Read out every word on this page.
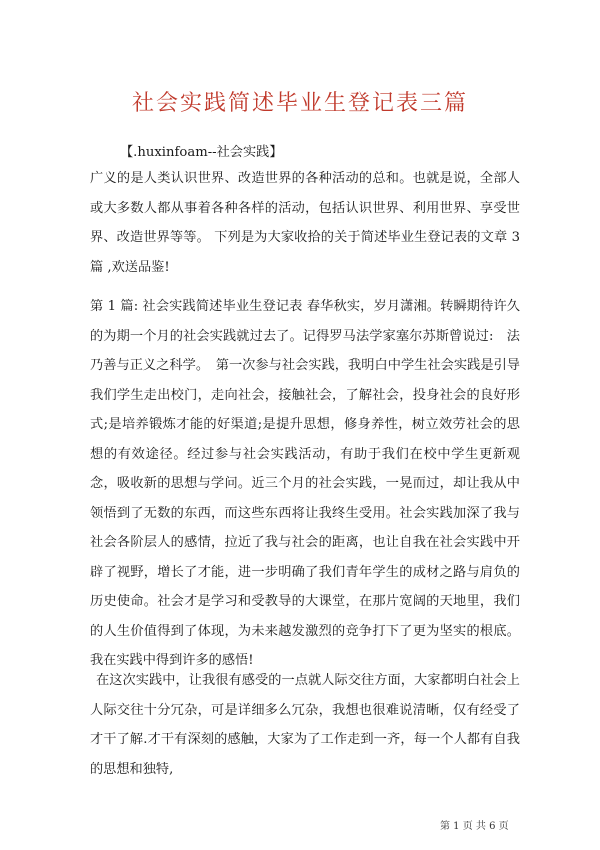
社会实践简述毕业生登记表三篇

【.huxinfoam--社会实践】

广义的是人类认识世界、改造世界的各种活动的总和。也就是说，全部人或大多数人都从事着各种各样的活动，包括认识世界、利用世界、享受世界、改造世界等等。 下列是为大家收拾的关于简述毕业生登记表的文章 3篇 ,欢送品鉴!

第 1 篇: 社会实践简述毕业生登记表 春华秋实，岁月潇湘。转瞬期待许久的为期一个月的社会实践就过去了。记得罗马法学家塞尔苏斯曾说过:　法乃善与正义之科学。　第一次参与社会实践，我明白中学生社会实践是引导我们学生走出校门，走向社会，接触社会，了解社会，投身社会的良好形式;是培养锻炼才能的好渠道;是提升思想，修身养性，树立效劳社会的思想的有效途径。经过参与社会实践活动，有助于我们在校中学生更新观念，吸收新的思想与学问。近三个月的社会实践，一晃而过，却让我从中领悟到了无数的东西，而这些东西将让我终生受用。社会实践加深了我与社会各阶层人的感情，拉近了我与社会的距离，也让自我在社会实践中开辟了视野，增长了才能，进一步明确了我们青年学生的成材之路与肩负的历史使命。社会才是学习和受教导的大课堂，在那片宽阔的天地里，我们的人生价值得到了体现，为未来越发激烈的竞争打下了更为坚实的根底。我在实践中得到许多的感悟!

在这次实践中，让我很有感受的一点就人际交往方面，大家都明白社会上人际交往十分冗杂，可是详细多么冗杂，我想也很难说清晰，仅有经受了才干了解.才干有深刻的感触，大家为了工作走到一齐，每一个人都有自我的思想和独特,

第 1 页 共 6 页
